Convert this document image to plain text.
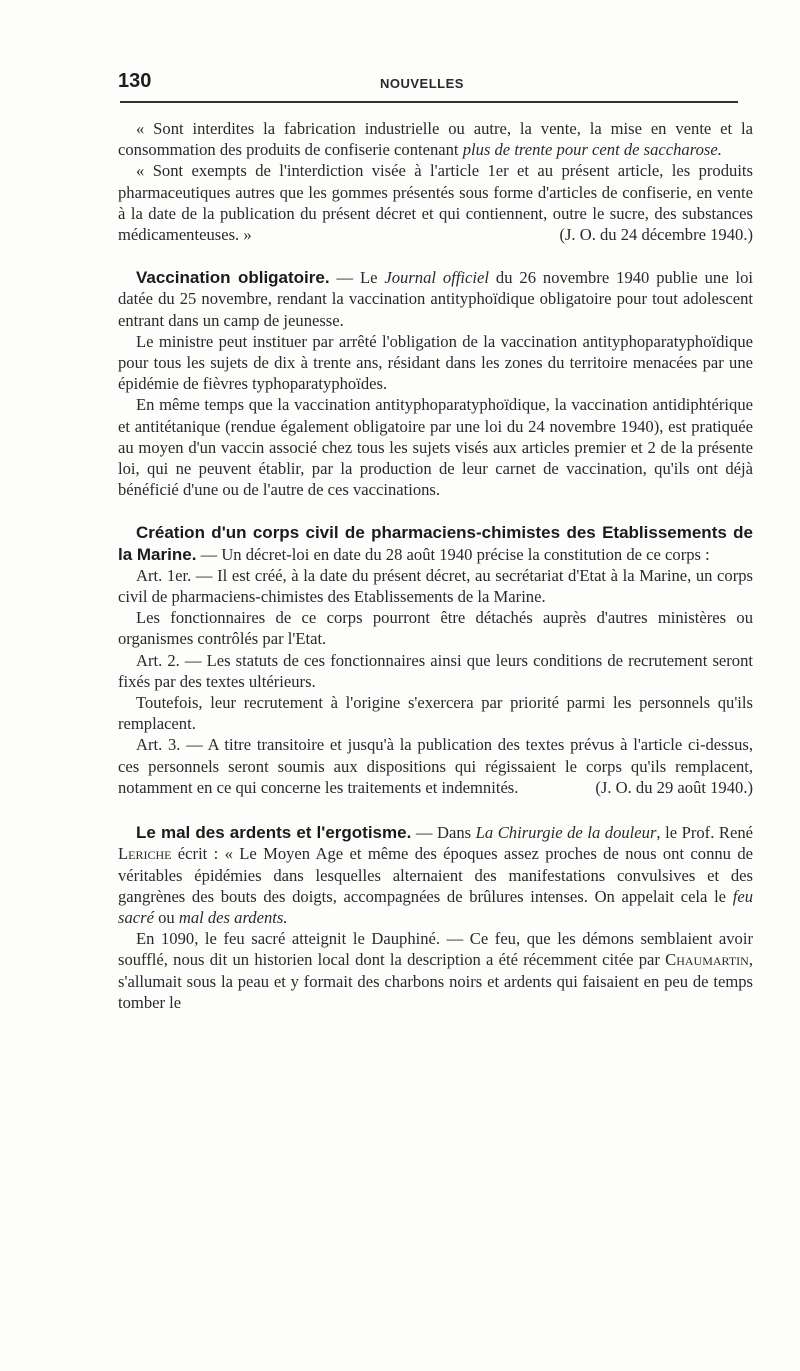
130	NOUVELLES

« Sont interdites la fabrication industrielle ou autre, la vente, la mise en vente et la consommation des produits de confiserie contenant plus de trente pour cent de saccharose.

« Sont exempts de l'interdiction visée à l'article 1er et au présent article, les produits pharmaceutiques autres que les gommes présentés sous forme d'articles de confiserie, en vente à la date de la publication du présent décret et qui contiennent, outre le sucre, des substances médicamenteuses. »	(J. O. du 24 décembre 1940.)

Vaccination obligatoire. — Le Journal officiel du 26 novembre 1940 publie une loi datée du 25 novembre, rendant la vaccination antityphoïdique obligatoire pour tout adolescent entrant dans un camp de jeunesse.

Le ministre peut instituer par arrêté l'obligation de la vaccination antityphoparatyphoïdique pour tous les sujets de dix à trente ans, résidant dans les zones du territoire menacées par une épidémie de fièvres typhoparatyphoïdes.

En même temps que la vaccination antityphoparatyphoïdique, la vaccination antidiphtérique et antitétanique (rendue également obligatoire par une loi du 24 novembre 1940), est pratiquée au moyen d'un vaccin associé chez tous les sujets visés aux articles premier et 2 de la présente loi, qui ne peuvent établir, par la production de leur carnet de vaccination, qu'ils ont déjà bénéficié d'une ou de l'autre de ces vaccinations.

Création d'un corps civil de pharmaciens-chimistes des Etablissements de la Marine. — Un décret-loi en date du 28 août 1940 précise la constitution de ce corps :

Art. 1er. — Il est créé, à la date du présent décret, au secrétariat d'Etat à la Marine, un corps civil de pharmaciens-chimistes des Etablissements de la Marine.

Les fonctionnaires de ce corps pourront être détachés auprès d'autres ministères ou organismes contrôlés par l'Etat.

Art. 2. — Les statuts de ces fonctionnaires ainsi que leurs conditions de recrutement seront fixés par des textes ultérieurs.

Toutefois, leur recrutement à l'origine s'exercera par priorité parmi les personnels qu'ils remplacent.

Art. 3. — A titre transitoire et jusqu'à la publication des textes prévus à l'article ci-dessus, ces personnels seront soumis aux dispositions qui régissaient le corps qu'ils remplacent, notamment en ce qui concerne les traitements et indemnités.	(J. O. du 29 août 1940.)

Le mal des ardents et l'ergotisme. — Dans La Chirurgie de la douleur, le Prof. René Leriche écrit : « Le Moyen Age et même des époques assez proches de nous ont connu de véritables épidémies dans lesquelles alternaient des manifestations convulsives et des gangrènes des bouts des doigts, accompagnées de brûlures intenses. On appelait cela le feu sacré ou mal des ardents.

En 1090, le feu sacré atteignit le Dauphiné. — Ce feu, que les démons semblaient avoir soufflé, nous dit un historien local dont la description a été récemment citée par Chaumartin, s'allumait sous la peau et y formait des charbons noirs et ardents qui faisaient en peu de temps tomber le
